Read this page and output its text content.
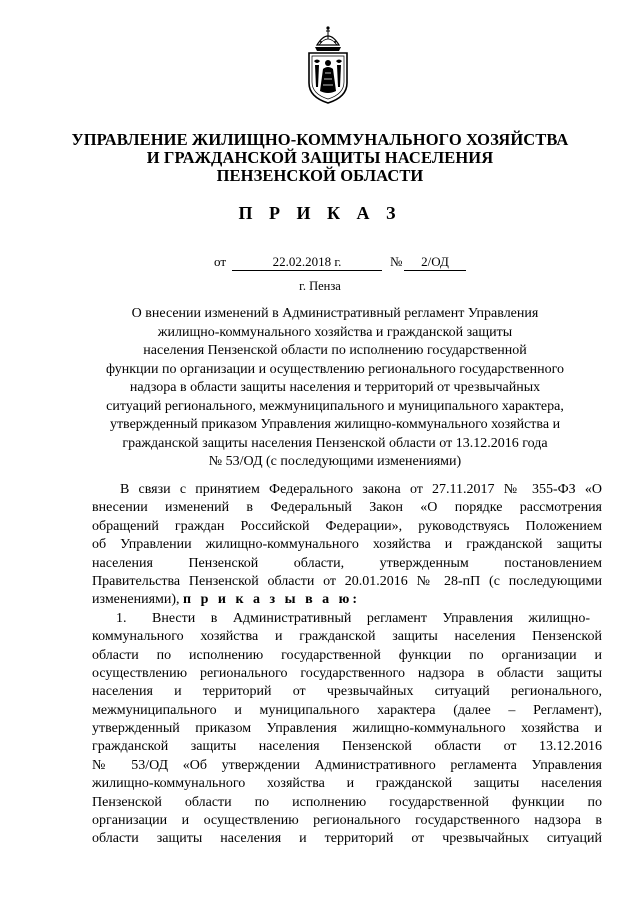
УПРАВЛЕНИЕ ЖИЛИЩНО-КОММУНАЛЬНОГО ХОЗЯЙСТВА
И ГРАЖДАНСКОЙ ЗАЩИТЫ НАСЕЛЕНИЯ
ПЕНЗЕНСКОЙ ОБЛАСТИ
П Р И К А З
от	22.02.2018 г.	№	2/ОД
г. Пенза
О внесении изменений в Административный регламент Управления
жилищно-коммунального хозяйства и гражданской защиты
населения Пензенской области по исполнению государственной
функции по организации и осуществлению регионального государственного
надзора в области защиты населения и территорий от чрезвычайных
ситуаций регионального, межмуниципального и муниципального характера,
утвержденный приказом Управления жилищно-коммунального хозяйства и
гражданской защиты населения Пензенской области от 13.12.2016 года
№ 53/ОД (с последующими изменениями)
В связи с принятием Федерального закона от 27.11.2017 № 355-ФЗ «О
внесении изменений в Федеральный Закон «О порядке рассмотрения
обращений граждан Российской Федерации», руководствуясь Положением
об Управлении жилищно-коммунального хозяйства и гражданской защиты
населения Пензенской области, утвержденным постановлением
Правительства Пензенской области от 20.01.2016 № 28-пП (с последующими
изменениями), п р и к а з ы в а ю:
1. Внести в Административный регламент Управления жилищно-
коммунального хозяйства и гражданской защиты населения Пензенской
области по исполнению государственной функции по организации и
осуществлению регионального государственного надзора в области защиты
населения и территорий от чрезвычайных ситуаций регионального,
межмуниципального и муниципального характера (далее – Регламент),
утвержденный приказом Управления жилищно-коммунального хозяйства и
гражданской защиты населения Пензенской области от 13.12.2016
№ 53/ОД «Об утверждении Административного регламента Управления
жилищно-коммунального хозяйства и гражданской защиты населения
Пензенской области по исполнению государственной функции по
организации и осуществлению регионального государственного надзора в
области защиты населения и территорий от чрезвычайных ситуаций
